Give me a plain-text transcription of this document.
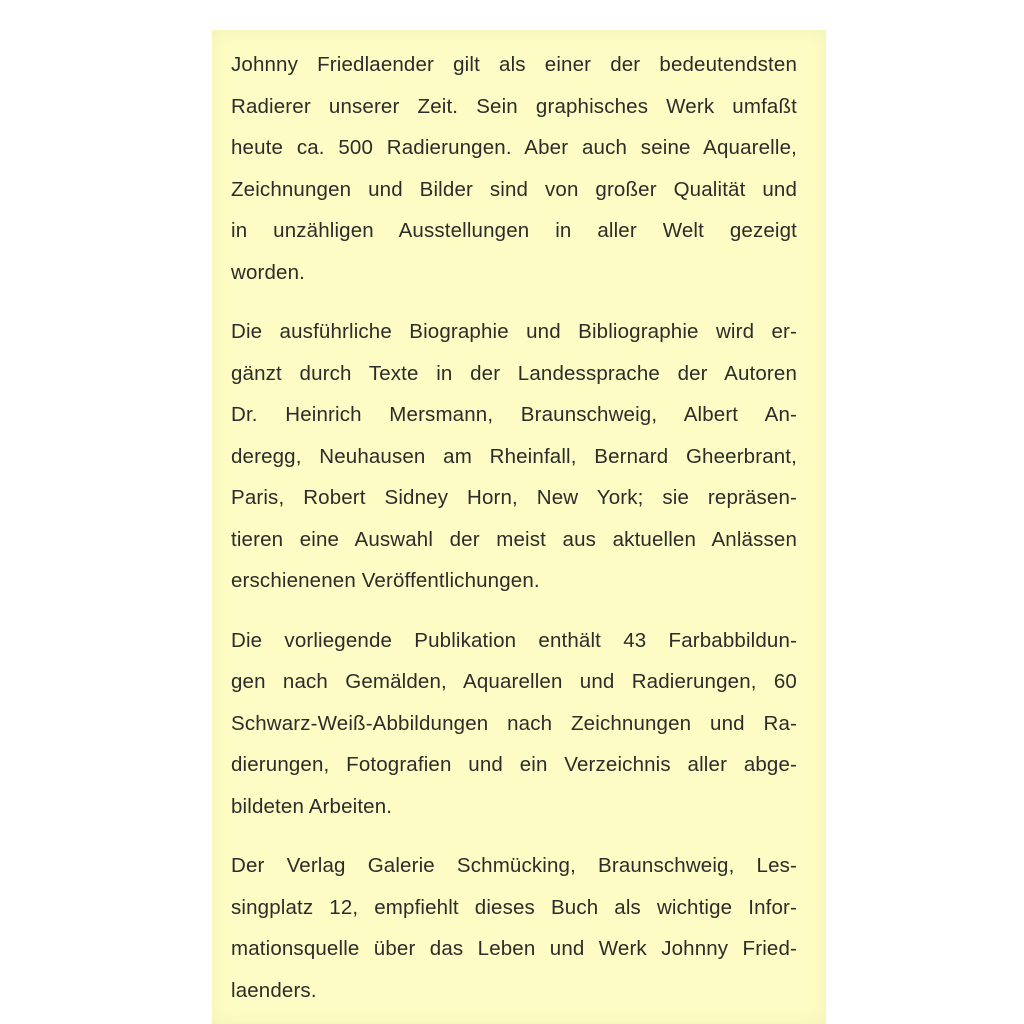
Johnny Friedlaender gilt als einer der bedeutendsten
Radierer unserer Zeit. Sein graphisches Werk umfaßt
heute ca. 500 Radierungen. Aber auch seine Aquarelle,
Zeichnungen und Bilder sind von großer Qualität und
in unzähligen Ausstellungen in aller Welt gezeigt
worden.
Die ausführliche Biographie und Bibliographie wird er-
gänzt durch Texte in der Landessprache der Autoren
Dr. Heinrich Mersmann, Braunschweig, Albert An-
deregg, Neuhausen am Rheinfall, Bernard Gheerbrant,
Paris, Robert Sidney Horn, New York; sie repräsen-
tieren eine Auswahl der meist aus aktuellen Anlässen
erschienenen Veröffentlichungen.
Die vorliegende Publikation enthält 43 Farbabbildun-
gen nach Gemälden, Aquarellen und Radierungen, 60
Schwarz-Weiß-Abbildungen nach Zeichnungen und Ra-
dierungen, Fotografien und ein Verzeichnis aller abge-
bildeten Arbeiten.
Der Verlag Galerie Schmücking, Braunschweig, Les-
singplatz 12, empfiehlt dieses Buch als wichtige Infor-
mationsquelle über das Leben und Werk Johnny Fried-
laenders.
